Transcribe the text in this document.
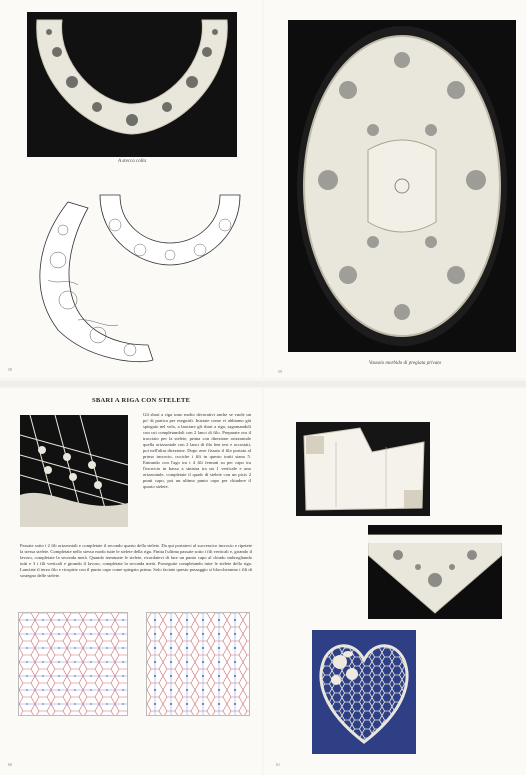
A stecca colla
58
Vassoio morbido di pregiata privato
59
SBARI A RIGA CON STELETE
Gli sbari a riga sono molto decorativi anche se vuole un po' di pratica per eseguirli. Iniziate come vi abbiamo già spiegato nel velo, a lanciare gli sbari a riga, sagomandoli con cui completandoli con 2 lanci di filo. Preparate ora il tracciato per la stelete, prima con direzione orizzontale quella orizzontale con 2 lanci di filo ben tesi e accostati, poi nell'altra direzione. Dopo aver fissato il filo portato al primo incrocio, cuciche i fili in questo tratti siano 5. Entrando con l'ago tra i 4 fili fermati su per capo tra l'incrocio in basso a sinistra tra un 1 verticale e uno orizzontale, completate il quadr di stelete con un picis 2 punti capo, poi un ultimo punto capo per chiudere il quarto stelete.
Passate sotto i 2 fili orizzontali e completate il secondo quarto della stelete. Da qui portatevi al successivo incrocio e ripetete la stessa stelete. Completate nello stesso modo tutte le stelete della riga. Finita l'ultima passate sotto i fili verticali e, girando il lavoro, completate la seconda metà. Quando terminate le stelete, ricordatevi di fare un punto capo al chiudo imbrogliando tutti e 3 i fili verticali e girando il lavoro, completate la seconda metà. Proseguite completando tutte le stelete della riga. Lanciate il terzo filo e ricoprite con il punto capo come spiegato prima. Solo faciate questo passaggio si bloccheranno i fili di sostegno delle stelete.
60	61
